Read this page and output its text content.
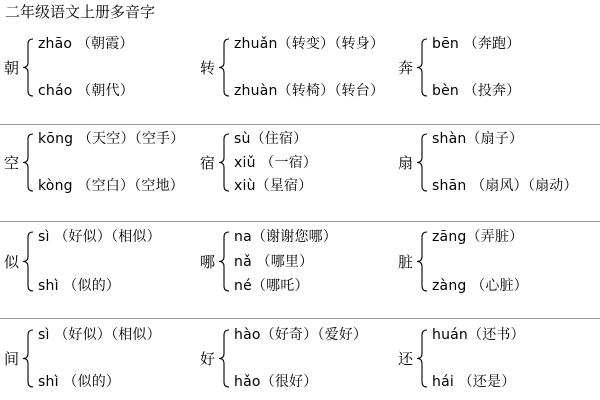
二年级语文上册多音字
朝
zhāo （朝霞）
cháo （朝代）
转
zhuǎn（转变）（转身）
zhuàn（转椅）（转台）
奔
bēn （奔跑）
bèn （投奔）
空
kōng （天空）（空手）
kòng （空白）（空地）
宿
sù（住宿）
xiǔ （一宿）
xiù（星宿）
扇
shàn（扇子）
shān （扇风）（扇动）
似
sì （好似）（相似）
shì （似的）
哪
na（谢谢您哪）
nǎ （哪里）
né（哪吒）
脏
zāng（弄脏）
zàng （心脏）
间
sì （好似）（相似）
shì （似的）
好
hào（好奇）（爱好）
hǎo（很好）
还
huán（还书）
hái （还是）
